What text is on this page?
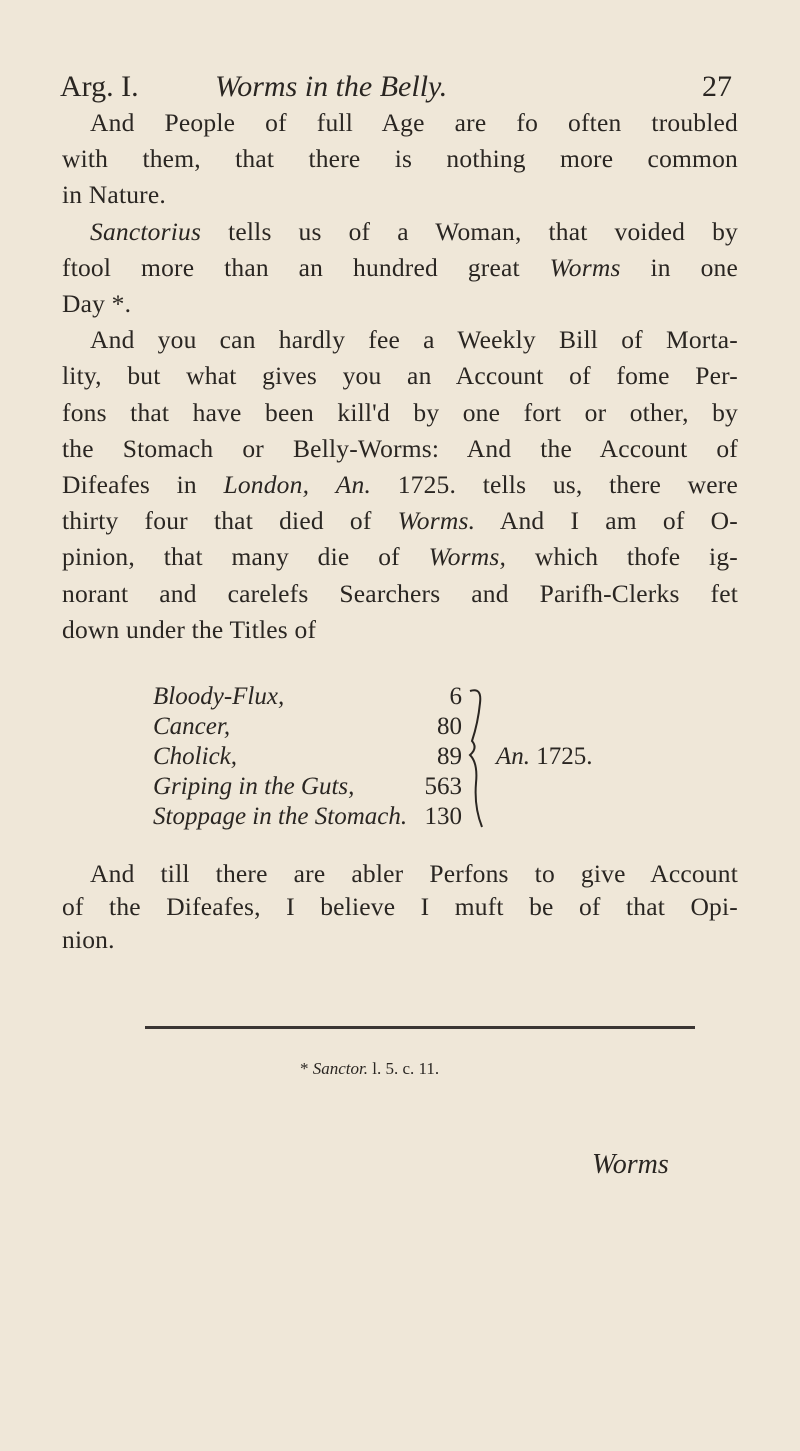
Arg. I.	Worms in the Belly.	27
And People of full Age are fo often troubled
with them, that there is nothing more common
in Nature.
Sanctorius tells us of a Woman, that voided by
ftool more than an hundred great Worms in one
Day *.
And you can hardly fee a Weekly Bill of Morta-
lity, but what gives you an Account of fome Per-
fons that have been kill'd by one fort or other, by
the Stomach or Belly-Worms: And the Account of
Difeafes in London, An. 1725. tells us, there were
thirty four that died of Worms. And I am of O-
pinion, that many die of Worms, which thofe ig-
norant and carelefs Searchers and Parifh-Clerks fet
down under the Titles of
Bloody-Flux,
Cancer,
Cholick,
Griping in the Guts,
Stoppage in the Stomach.
6
80
89
563
130
An. 1725.
And till there are abler Perfons to give Account
of the Difeafes, I believe I muft be of that Opi-
nion.
* Sanctor. l. 5. c. 11.
Worms
